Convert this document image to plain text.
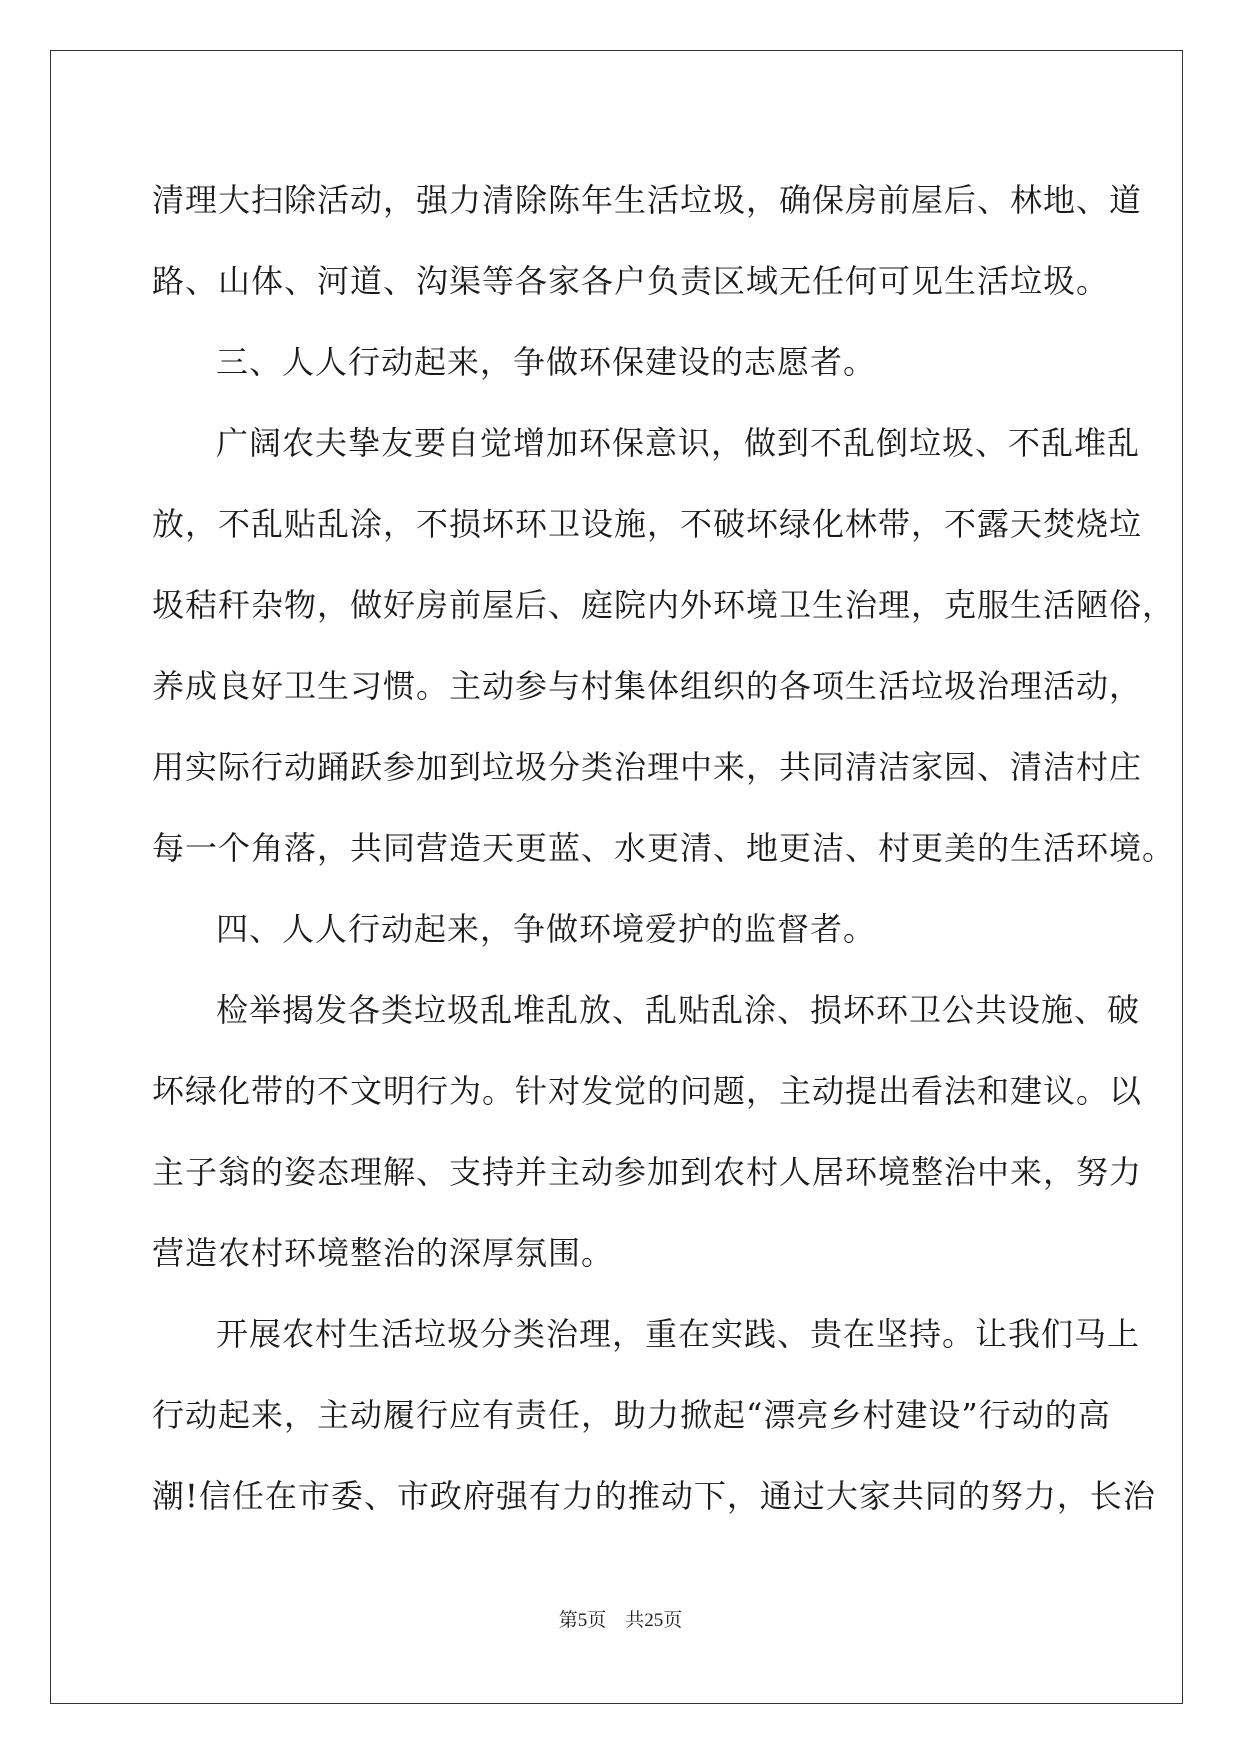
清理大扫除活动，强力清除陈年生活垃圾，确保房前屋后、林地、道
路、山体、河道、沟渠等各家各户负责区域无任何可见生活垃圾。
三、人人行动起来，争做环保建设的志愿者。
广阔农夫挚友要自觉增加环保意识，做到不乱倒垃圾、不乱堆乱
放，不乱贴乱涂，不损坏环卫设施，不破坏绿化林带，不露天焚烧垃
圾秸秆杂物，做好房前屋后、庭院内外环境卫生治理，克服生活陋俗，
养成良好卫生习惯。主动参与村集体组织的各项生活垃圾治理活动，
用实际行动踊跃参加到垃圾分类治理中来，共同清洁家园、清洁村庄
每一个角落，共同营造天更蓝、水更清、地更洁、村更美的生活环境。
四、人人行动起来，争做环境爱护的监督者。
检举揭发各类垃圾乱堆乱放、乱贴乱涂、损坏环卫公共设施、破
坏绿化带的不文明行为。针对发觉的问题，主动提出看法和建议。以
主子翁的姿态理解、支持并主动参加到农村人居环境整治中来，努力
营造农村环境整治的深厚氛围。
开展农村生活垃圾分类治理，重在实践、贵在坚持。让我们马上
行动起来，主动履行应有责任，助力掀起“漂亮乡村建设”行动的高
潮!信任在市委、市政府强有力的推动下，通过大家共同的努力，长治
第5页　共25页
